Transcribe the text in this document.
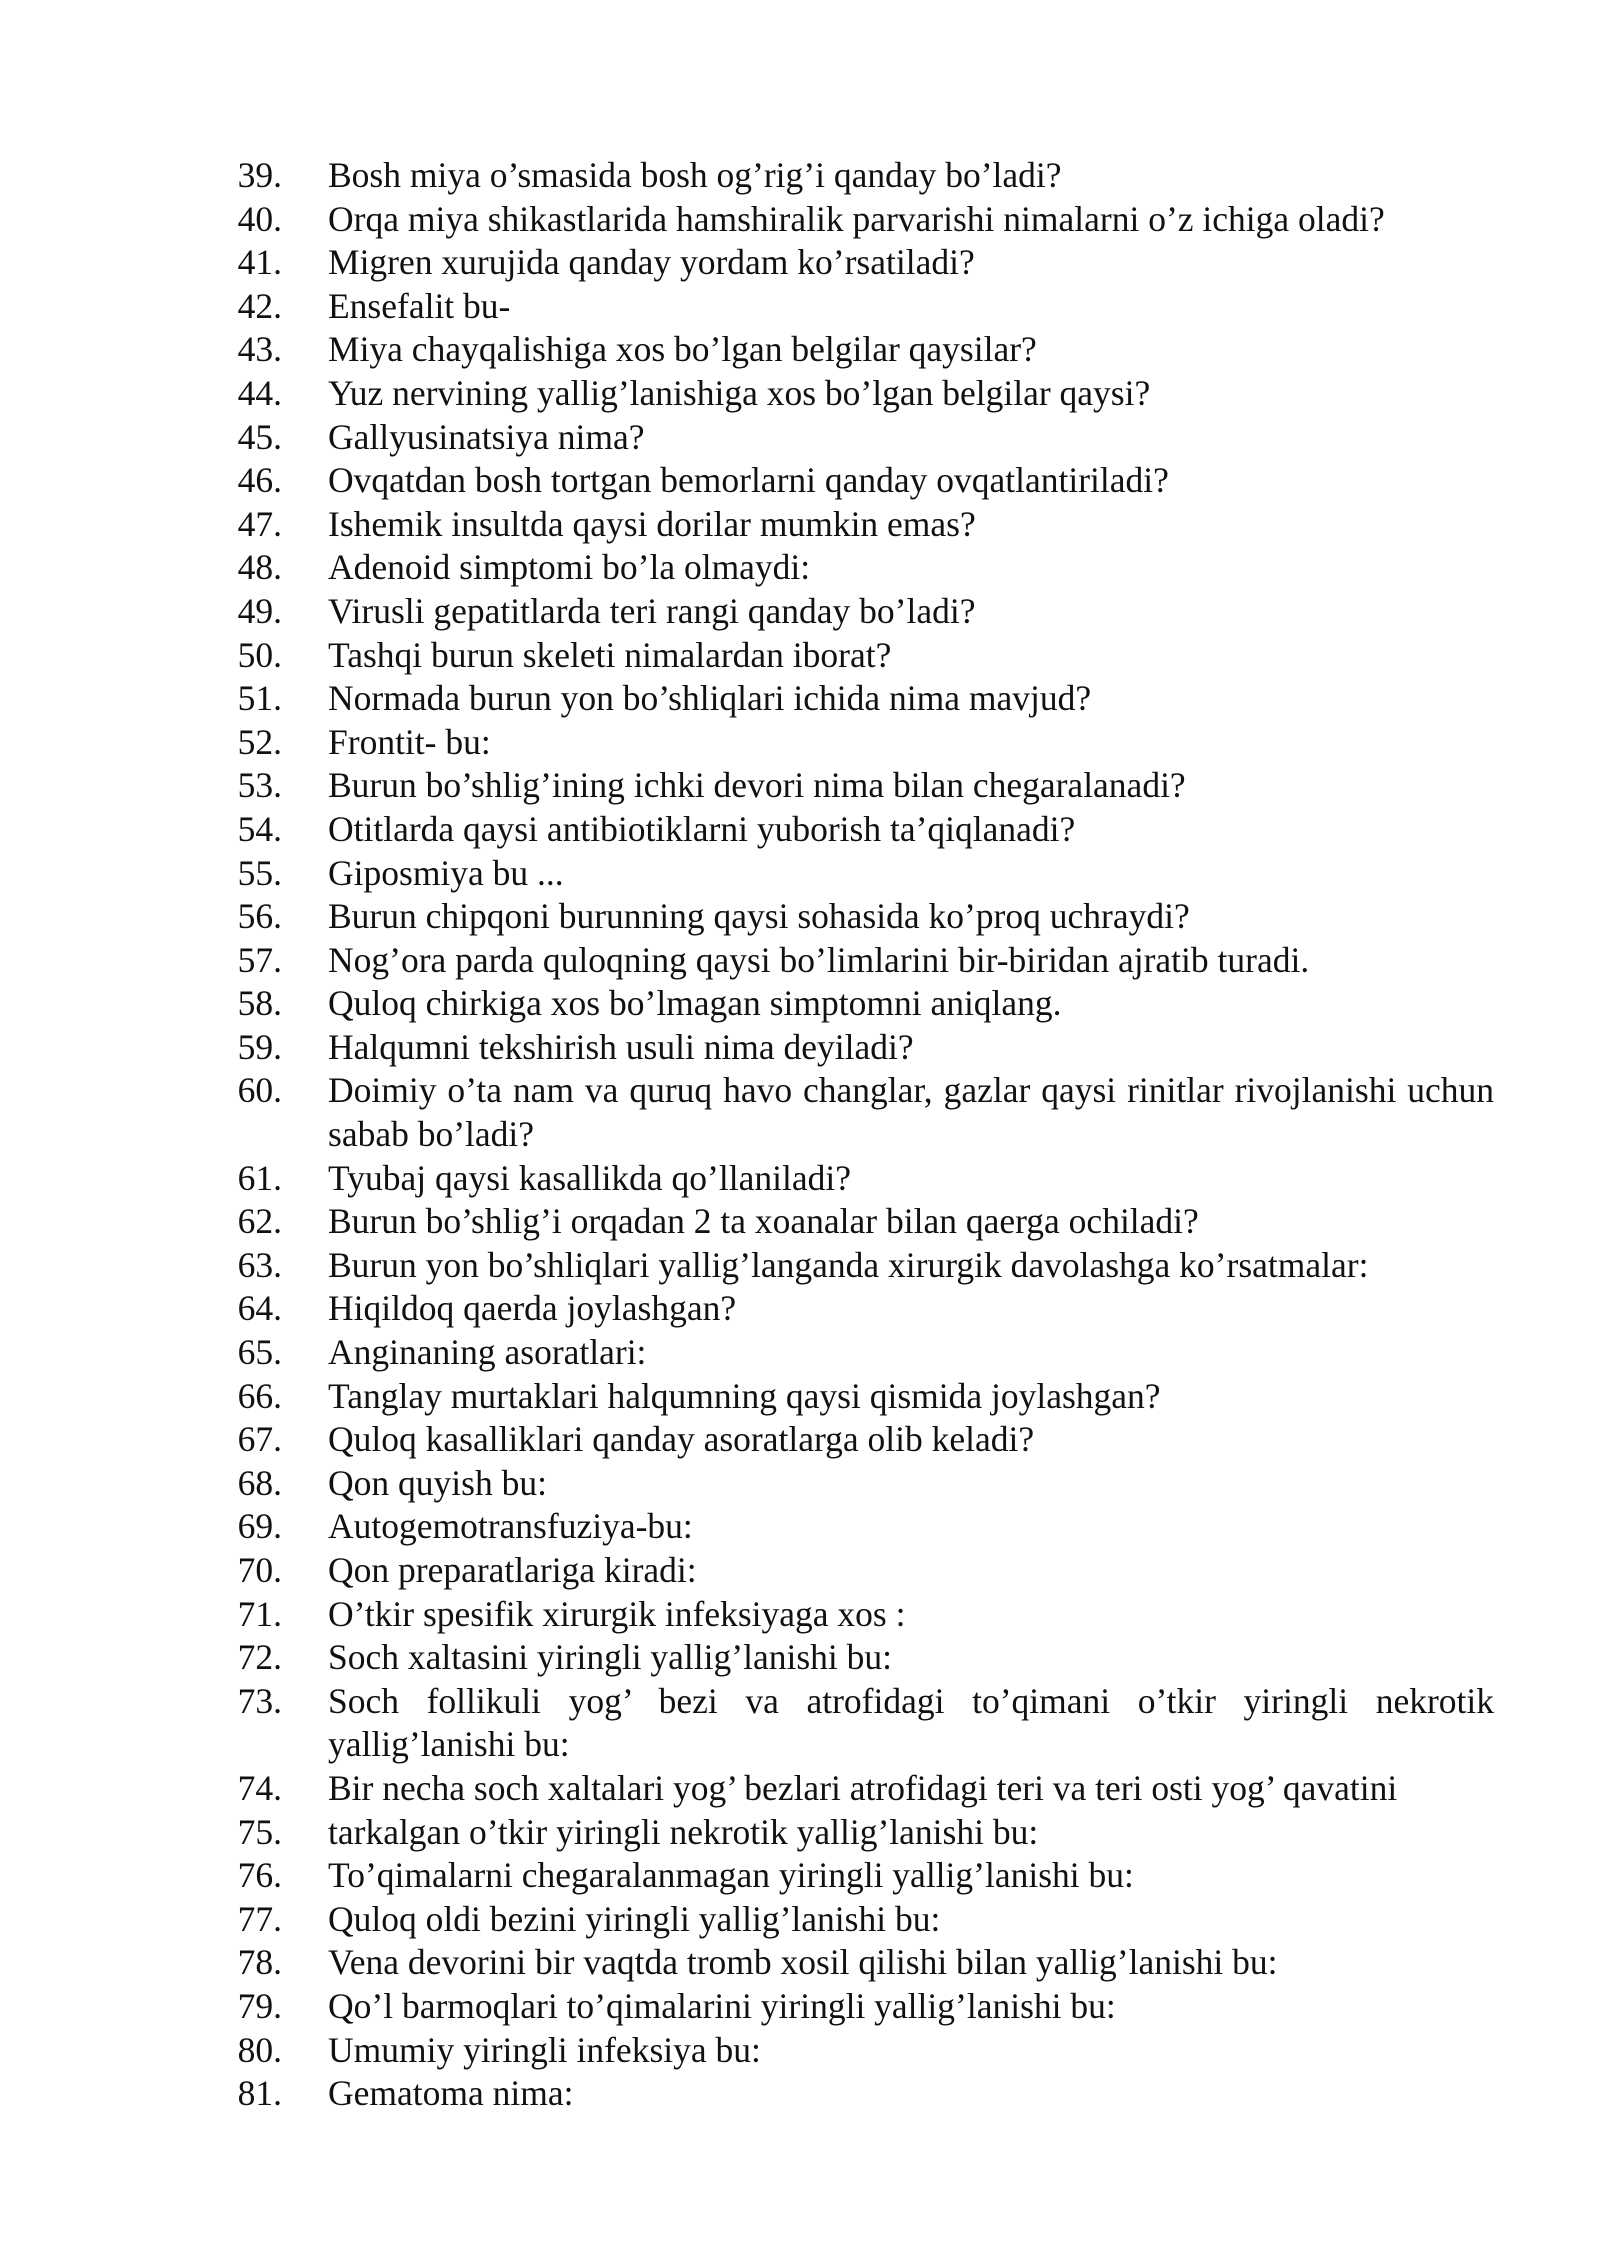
39. Bosh miya o’smasida bosh og’rig’i qanday bo’ladi?
40. Orqa miya shikastlarida hamshiralik parvarishi nimalarni o’z ichiga oladi?
41. Migren xurujida qanday yordam ko’rsatiladi?
42. Ensefalit bu-
43. Miya chayqalishiga xos bo’lgan belgilar qaysilar?
44. Yuz nervining yallig’lanishiga xos bo’lgan belgilar qaysi?
45. Gallyusinatsiya nima?
46. Ovqatdan bosh tortgan bemorlarni qanday ovqatlantiriladi?
47. Ishemik insultda qaysi dorilar mumkin emas?
48. Adenoid simptomi bo’la olmaydi:
49. Virusli gepatitlarda teri rangi qanday bo’ladi?
50. Tashqi burun skeleti nimalardan iborat?
51. Normada burun yon bo’shliqlari ichida nima mavjud?
52. Frontit- bu:
53. Burun bo’shlig’ining ichki devori nima bilan chegaralanadi?
54. Otitlarda qaysi antibiotiklarni yuborish ta’qiqlanadi?
55. Giposmiya bu ...
56. Burun chipqoni burunning qaysi sohasida ko’proq uchraydi?
57. Nog’ora parda quloqning qaysi bo’limlarini bir-biridan ajratib turadi.
58. Quloq chirkiga xos bo’lmagan simptomni aniqlang.
59. Halqumni tekshirish usuli nima deyiladi?
60. Doimiy o’ta nam va quruq havo changlar, gazlar qaysi rinitlar rivojlanishi uchun sabab bo’ladi?
61. Tyubaj qaysi kasallikda qo’llaniladi?
62. Burun bo’shlig’i orqadan 2 ta xoanalar bilan qaerga ochiladi?
63. Burun yon bo’shliqlari yallig’langanda xirurgik davolashga ko’rsatmalar:
64. Hiqildoq qaerda joylashgan?
65. Anginaning asoratlari:
66. Tanglay murtaklari halqumning qaysi qismida joylashgan?
67. Quloq kasalliklari qanday asoratlarga olib keladi?
68. Qon quyish bu:
69. Autogemotransfuziya-bu:
70. Qon preparatlariga kiradi:
71. O’tkir spesifik xirurgik infeksiyaga xos :
72. Soch xaltasini yiringli yallig’lanishi bu:
73. Soch follikuli yog’ bezi va atrofidagi to’qimani o’tkir yiringli nekrotik yallig’lanishi bu:
74. Bir necha soch xaltalari yog’ bezlari atrofidagi teri va teri osti yog’ qavatini
75. tarkalgan o’tkir yiringli nekrotik yallig’lanishi bu:
76. To’qimalarni chegaralanmagan yiringli yallig’lanishi bu:
77. Quloq oldi bezini yiringli yallig’lanishi bu:
78. Vena devorini bir vaqtda tromb xosil qilishi bilan yallig’lanishi bu:
79. Qo’l barmoqlari to’qimalarini yiringli yallig’lanishi bu:
80. Umumiy yiringli infeksiya bu:
81. Gematoma nima:
